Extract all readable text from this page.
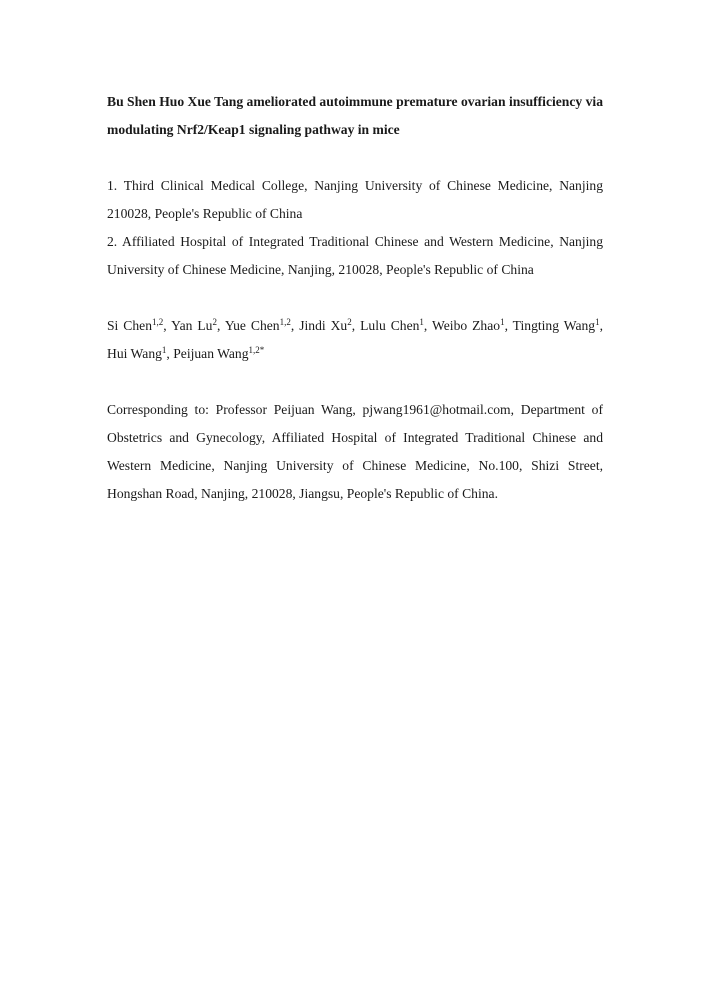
Bu Shen Huo Xue Tang ameliorated autoimmune premature ovarian insufficiency via modulating Nrf2/Keap1 signaling pathway in mice

1. Third Clinical Medical College, Nanjing University of Chinese Medicine, Nanjing 210028, People's Republic of China

2. Affiliated Hospital of Integrated Traditional Chinese and Western Medicine, Nanjing University of Chinese Medicine, Nanjing, 210028, People's Republic of China

Si Chen$^{1,2}$, Yan Lu$^2$, Yue Chen$^{1,2}$, Jindi Xu$^2$, Lulu Chen$^1$, Weibo Zhao$^1$, Tingting Wang$^1$, Hui Wang$^1$, Peijuan Wang$^{1,2*}$

Corresponding to: Professor Peijuan Wang, pjwang1961@hotmail.com, Department of Obstetrics and Gynecology, Affiliated Hospital of Integrated Traditional Chinese and Western Medicine, Nanjing University of Chinese Medicine, No.100, Shizi Street, Hongshan Road, Nanjing, 210028, Jiangsu, People's Republic of China.
